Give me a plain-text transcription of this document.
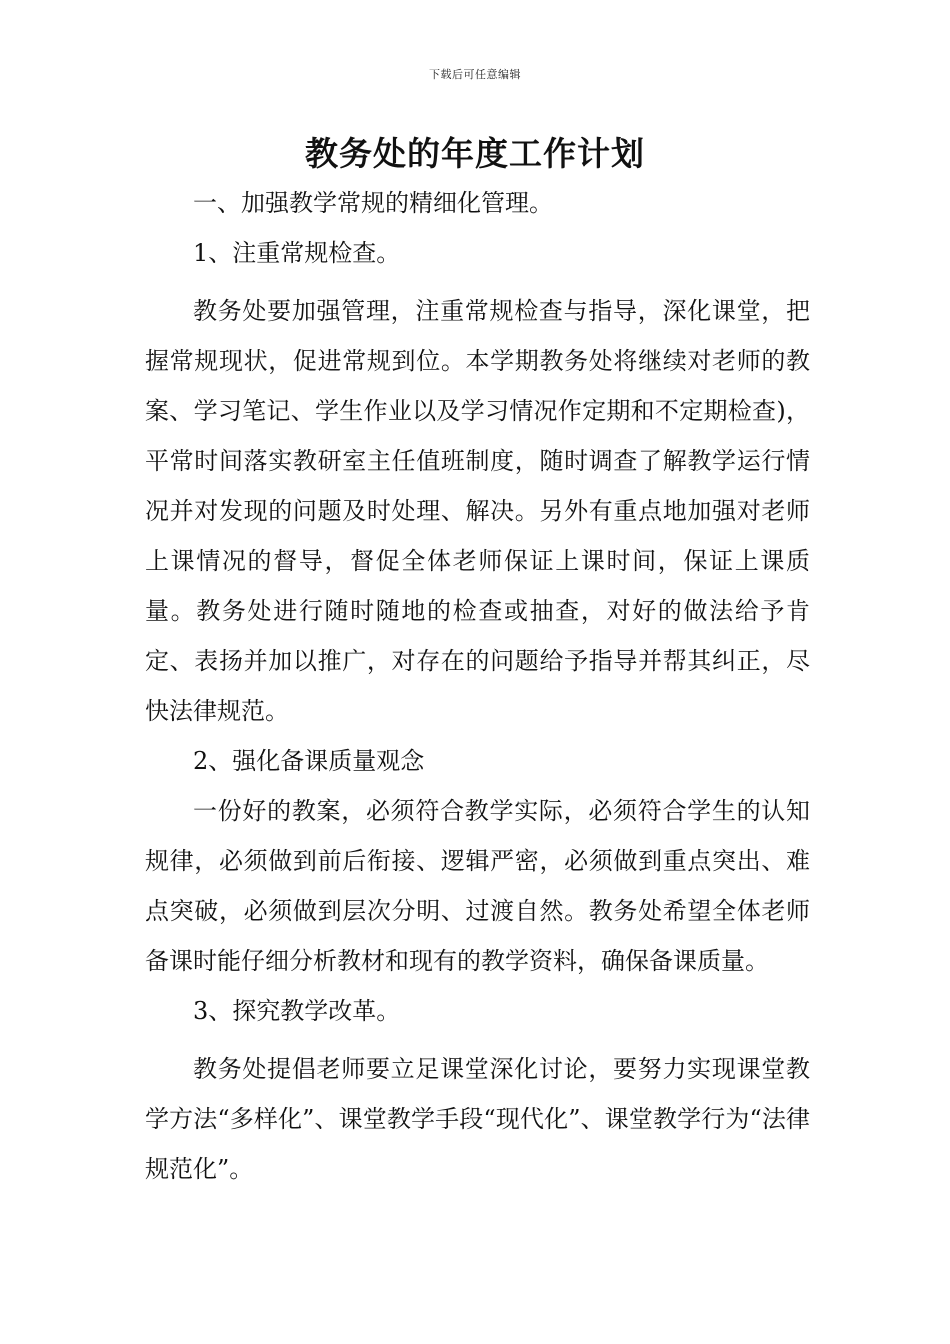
下载后可任意编辑
教务处的年度工作计划

一、加强教学常规的精细化管理。

1、注重常规检查。

教务处要加强管理，注重常规检查与指导，深化课堂，把握常规现状，促进常规到位。本学期教务处将继续对老师的教案、学习笔记、学生作业以及学习情况作定期和不定期检查)，平常时间落实教研室主任值班制度，随时调查了解教学运行情况并对发现的问题及时处理、解决。另外有重点地加强对老师上课情况的督导，督促全体老师保证上课时间，保证上课质量。教务处进行随时随地的检查或抽查，对好的做法给予肯定、表扬并加以推广，对存在的问题给予指导并帮其纠正，尽快法律规范。

2、强化备课质量观念

一份好的教案，必须符合教学实际，必须符合学生的认知规律，必须做到前后衔接、逻辑严密，必须做到重点突出、难点突破，必须做到层次分明、过渡自然。教务处希望全体老师备课时能仔细分析教材和现有的教学资料，确保备课质量。

3、探究教学改革。

教务处提倡老师要立足课堂深化讨论，要努力实现课堂教学方法“多样化”、课堂教学手段“现代化”、课堂教学行为“法律规范化”。
